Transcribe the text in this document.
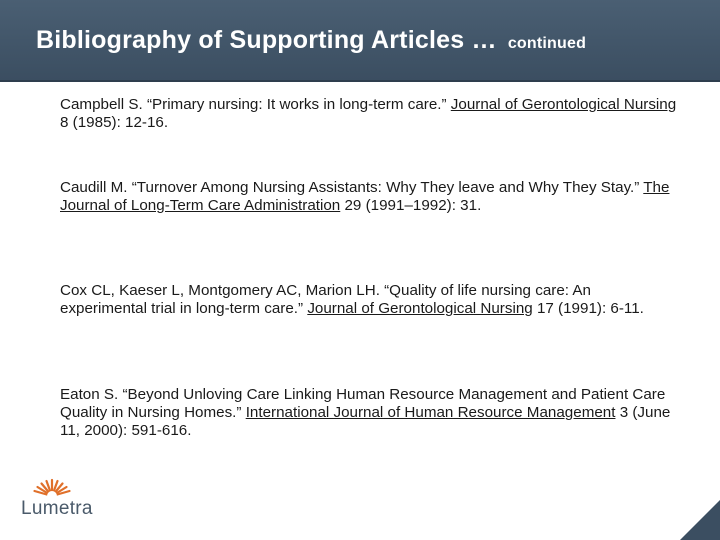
Bibliography of Supporting Articles … continued
Campbell S. “Primary nursing: It works in long-term care.” Journal of Gerontological Nursing 8 (1985): 12-16.
Caudill M. “Turnover Among Nursing Assistants: Why They leave and Why They Stay.” The Journal of Long-Term Care Administration 29 (1991–1992): 31.
Cox CL, Kaeser L, Montgomery AC, Marion LH. “Quality of life nursing care: An experimental trial in long-term care.” Journal of Gerontological Nursing 17 (1991): 6-11.
Eaton S. “Beyond Unloving Care Linking Human Resource Management and Patient Care Quality in Nursing Homes.” International Journal of Human Resource Management 3 (June 11, 2000): 591-616.
Lumetra
